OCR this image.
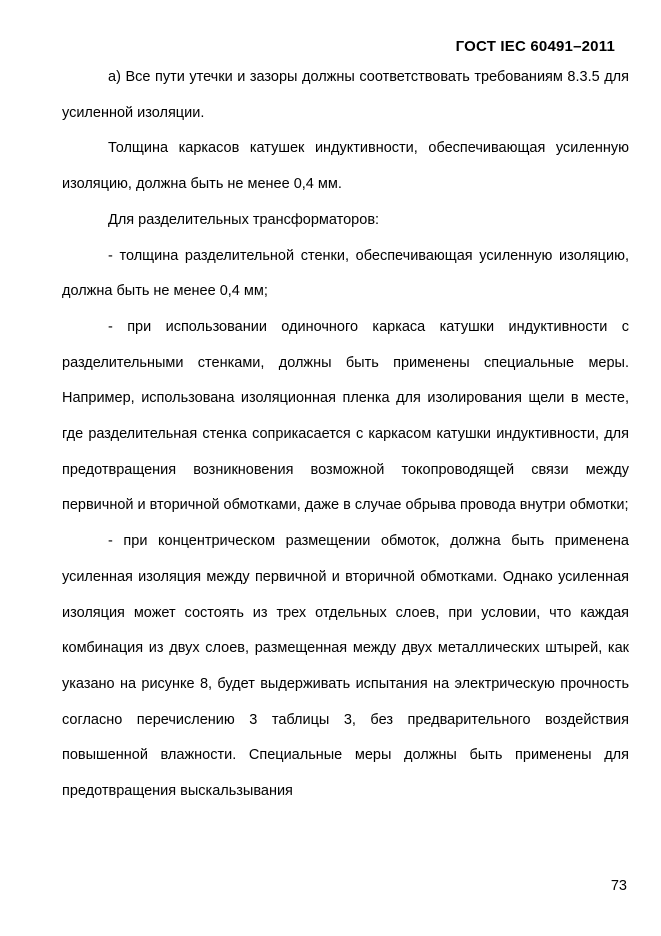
ГОСТ IEC 60491–2011

а) Все пути утечки и зазоры должны соответствовать требованиям 8.3.5 для усиленной изоляции.

Толщина каркасов катушек индуктивности, обеспечивающая усиленную изоляцию, должна быть не менее 0,4 мм.

Для разделительных трансформаторов:

- толщина разделительной стенки, обеспечивающая усиленную изоляцию, должна быть не менее 0,4 мм;

- при использовании одиночного каркаса катушки индуктивности с разделительными стенками, должны быть применены специальные меры. Например, использована изоляционная пленка для изолирования щели в месте, где разделительная стенка соприкасается с каркасом катушки индуктивности, для предотвращения возникновения возможной токопроводящей связи между первичной и вторичной обмотками, даже в случае обрыва провода внутри обмотки;

- при концентрическом размещении обмоток, должна быть применена усиленная изоляция между первичной и вторичной обмотками. Однако усиленная изоляция может состоять из трех отдельных слоев, при условии, что каждая комбинация из двух слоев, размещенная между двух металлических штырей, как указано на рисунке 8, будет выдерживать испытания на электрическую прочность согласно перечислению 3 таблицы 3, без предварительного воздействия повышенной влажности. Специальные меры должны быть применены для предотвращения выскальзывания

73
